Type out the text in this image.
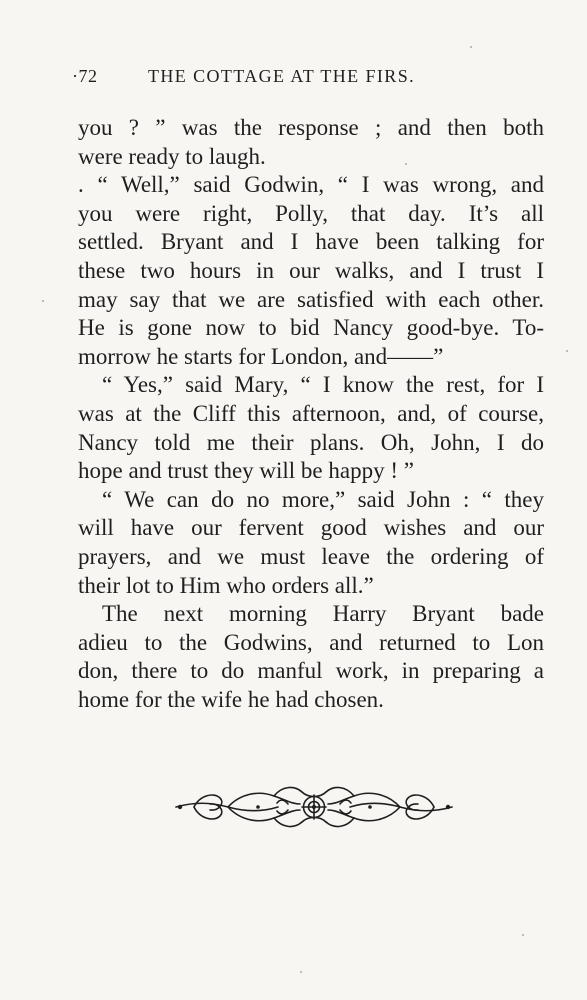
·72	THE COTTAGE AT THE FIRS.
you ? ” was the response ; and then both
were ready to laugh.
. “ Well,” said Godwin, “ I was wrong, and
you were right, Polly, that day. It’s all
settled. Bryant and I have been talking for
these two hours in our walks, and I trust I
may say that we are satisfied with each other.
He is gone now to bid Nancy good-bye. To-
morrow he starts for London, and——”
“ Yes,” said Mary, “ I know the rest, for I
was at the Cliff this afternoon, and, of course,
Nancy told me their plans. Oh, John, I do
hope and trust they will be happy ! ”
“ We can do no more,” said John : “ they
will have our fervent good wishes and our
prayers, and we must leave the ordering of
their lot to Him who orders all.”
The next morning Harry Bryant bade
adieu to the Godwins, and returned to Lon
don, there to do manful work, in preparing a
home for the wife he had chosen.
